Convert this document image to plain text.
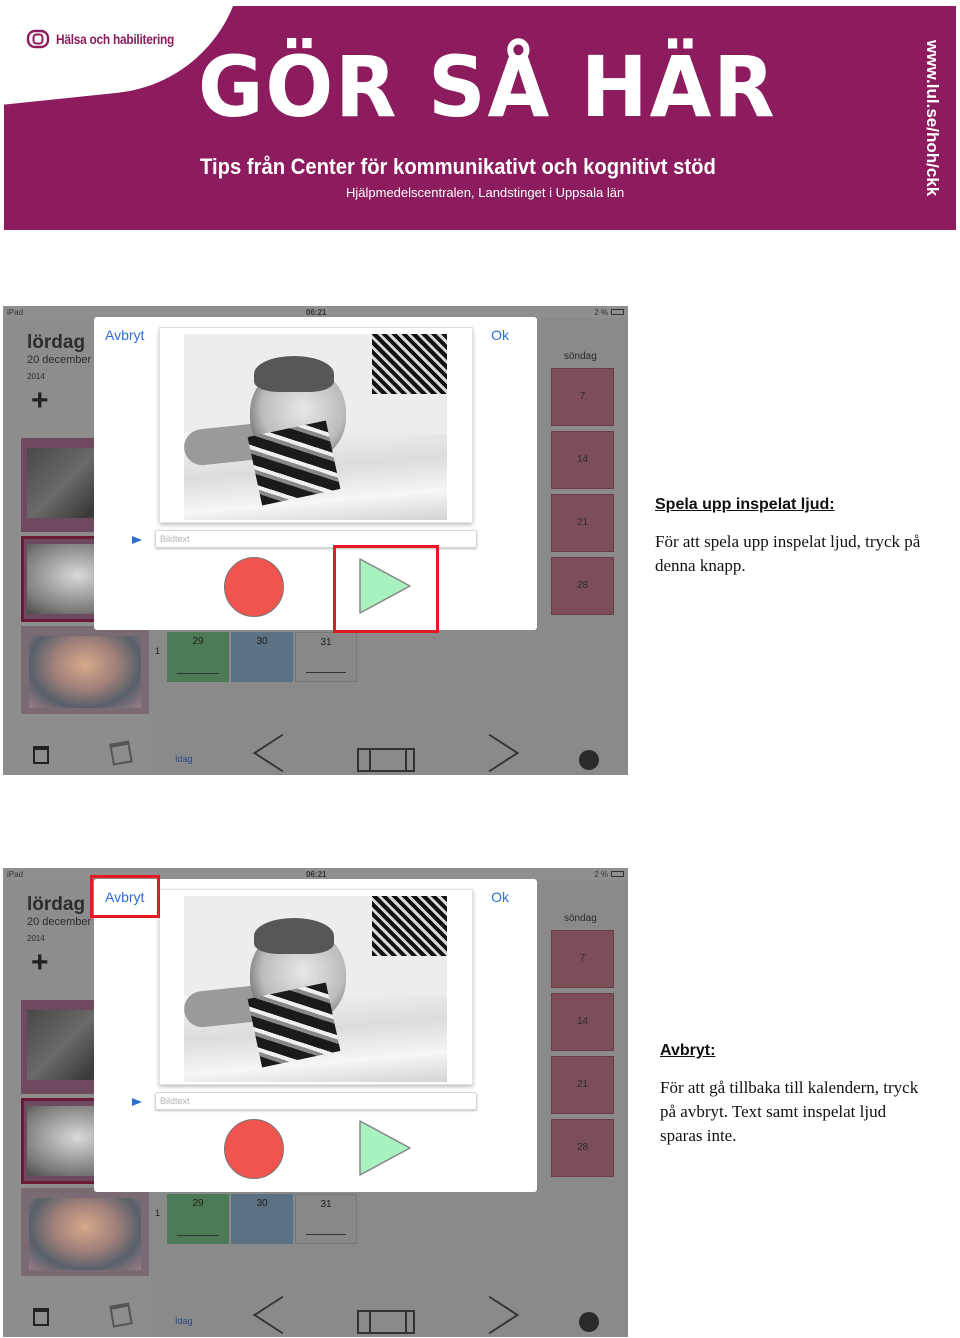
Hälsa och habilitering GÖR SÅ HÄR
Tips från Center för kommunikativt och kognitivt stöd
Hjälpmedelscentralen, Landstinget i Uppsala län	www.lul.se/hoh/ckk
iPad	06:21	2 %
lördag
20 december
2014
+
söndag
7
14
21
28
1
29	30	31
Idag
Avbryt	Ok
Bildtext
Spela upp inspelat ljud:
För att spela upp inspelat ljud, tryck på denna knapp.
iPad	06:21	2 %
lördag
20 december
2014
+
söndag
7
14
21
28
1
29	30	31
Idag
Avbryt	Ok
Bildtext
Avbryt:
För att gå tillbaka till kalendern, tryck på avbryt. Text samt inspelat ljud sparas inte.
